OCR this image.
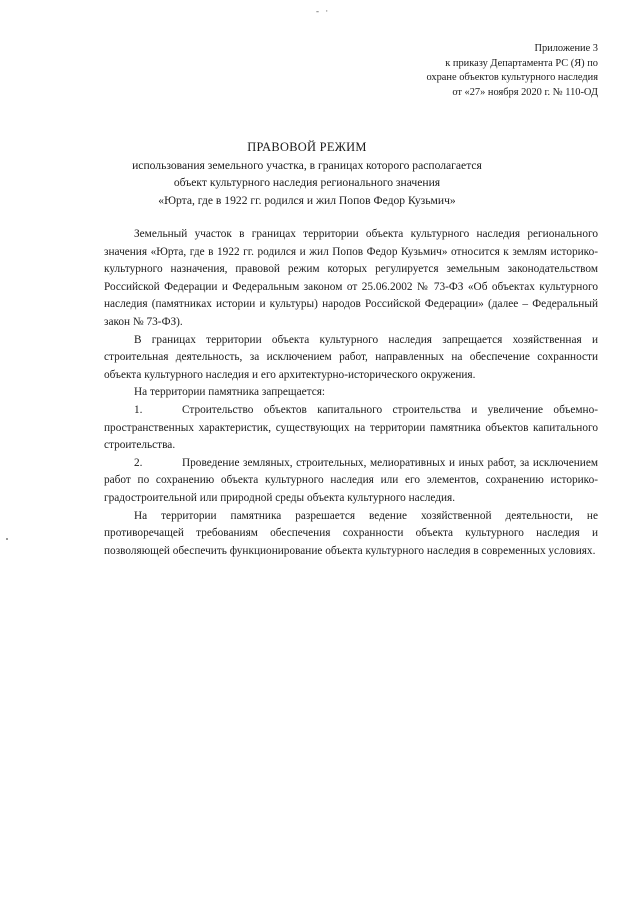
- ·
Приложение 3
к приказу Департамента РС (Я) по
охране объектов культурного наследия
от «27» ноября 2020 г. № 110-ОД
ПРАВОВОЙ РЕЖИМ
использования земельного участка, в границах которого располагается
объект культурного наследия регионального значения
«Юрта, где в 1922 гг. родился и жил Попов Федор Кузьмич»

Земельный участок в границах территории объекта культурного наследия регионального значения «Юрта, где в 1922 гг. родился и жил Попов Федор Кузьмич» относится к землям историко-культурного назначения, правовой режим которых регулируется земельным законодательством Российской Федерации и Федеральным законом от 25.06.2002 № 73-ФЗ «Об объектах культурного наследия (памятниках истории и культуры) народов Российской Федерации» (далее – Федеральный закон № 73-ФЗ).

В границах территории объекта культурного наследия запрещается хозяйственная и строительная деятельность, за исключением работ, направленных на обеспечение сохранности объекта культурного наследия и его архитектурно-исторического окружения.

На территории памятника запрещается:

1.	Строительство объектов капитального строительства и увеличение объемно-пространственных характеристик, существующих на территории памятника объектов капитального строительства.

2.	Проведение земляных, строительных, мелиоративных и иных работ, за исключением работ по сохранению объекта культурного наследия или его элементов, сохранению историко-градостроительной или природной среды объекта культурного наследия.

На территории памятника разрешается ведение хозяйственной деятельности, не противоречащей требованиям обеспечения сохранности объекта культурного наследия и позволяющей обеспечить функционирование объекта культурного наследия в современных условиях.
